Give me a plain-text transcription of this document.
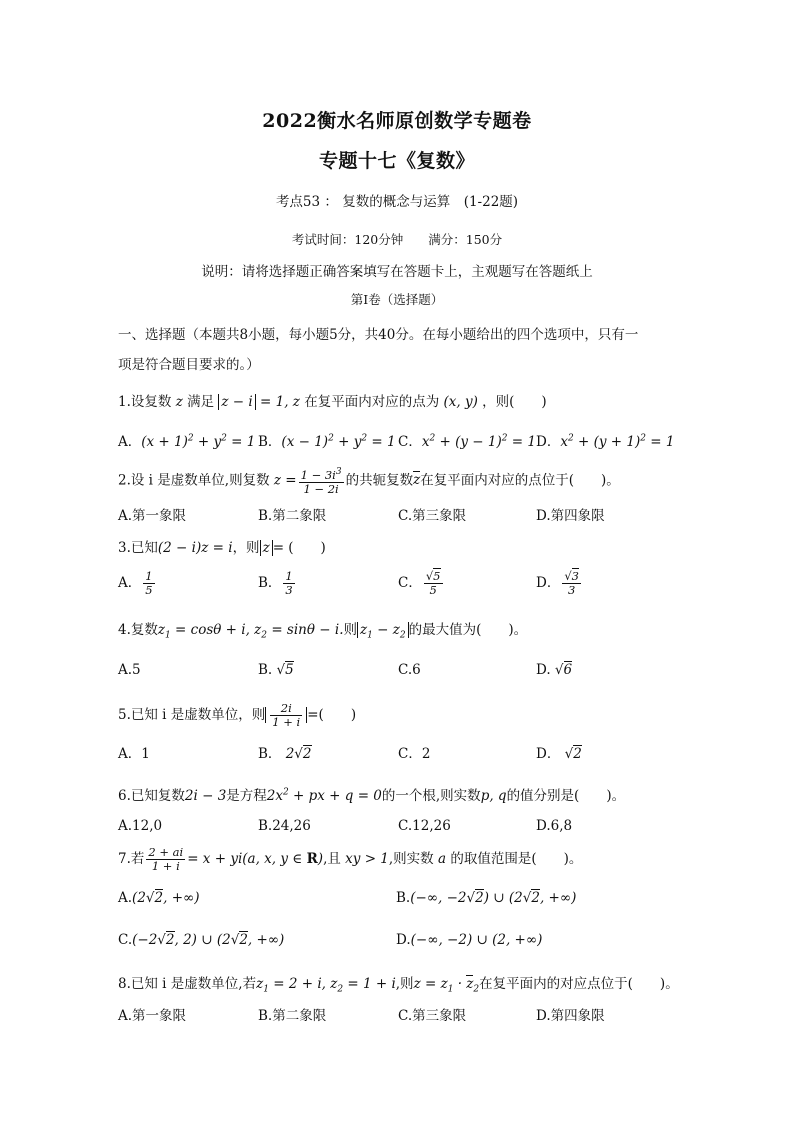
2022衡水名师原创数学专题卷
专题十七《复数》
考点53 ： 复数的概念与运算　(1-22题)
考试时间：120分钟　　满分：150分
说明：请将选择题正确答案填写在答题卡上，主观题写在答题纸上
第I卷（选择题）
一、选择题（本题共8小题，每小题5分，共40分。在每小题给出的四个选项中，只有一
项是符合题目要求的。）
1.设复数 z 满足 z − i = 1, z 在复平面内对应的点为 (x, y) ，则(　　)
A．$(x + 1)^2 + y^2 = 1$ B．$(x - 1)^2 + y^2 = 1$ C．$x^2 + (y - 1)^2 = 1$ D．$x^2 + (y + 1)^2 = 1$
2.设 i 是虚数单位,则复数 $z = \frac{1 - 3i^3}{1 - 2i}$ 的共轭复数z在复平面内对应的点位于(　　)。
A.第一象限	B.第二象限	C.第三象限	D.第四象限
3.已知(2 − i)z = i，则 z = (　　)
A． $\frac{1}{5}$	B． $\frac{1}{3}$	C． $\frac{√5}{5}$	D． $\frac{√3}{3}$
4.复数$z_1 = \cos\theta + i$, $z_2 = \sin\theta - i$.则 $z_1 - z_2$ 的最大值为(　　)。
A.5	B. √5	C.6	D. √6
5.已知 i 是虚数单位，则 $\frac{2i}{1 + i}$ =(　　)
A．1	B． 2√2	C．2	D． √2
6.已知复数2i − 3是方程$2x^2$ + px + q = 0的一个根,则实数p, q的值分别是(　　)。
A.12,0	B.24,26	C.12,26	D.6,8
7.若 $\frac{2 + ai}{1 + i} = x + yi(a$, x, y ∈ R),且 xy > 1,则实数 a 的取值范围是(　　)。
A.(2√2, +∞)	B.(−∞, −2√2) ∪ (2√2, +∞)
C.(−2√2, 2) ∪ (2√2, +∞)	D.(−∞, −2) ∪ (2, +∞)
8.已知 i 是虚数单位,若$z_1 = 2 + i$, $z_2 = 1 + i$,则$z = z_1 \cdot z_2$在复平面内的对应点位于(　　)。
A.第一象限	B.第二象限	C.第三象限	D.第四象限
